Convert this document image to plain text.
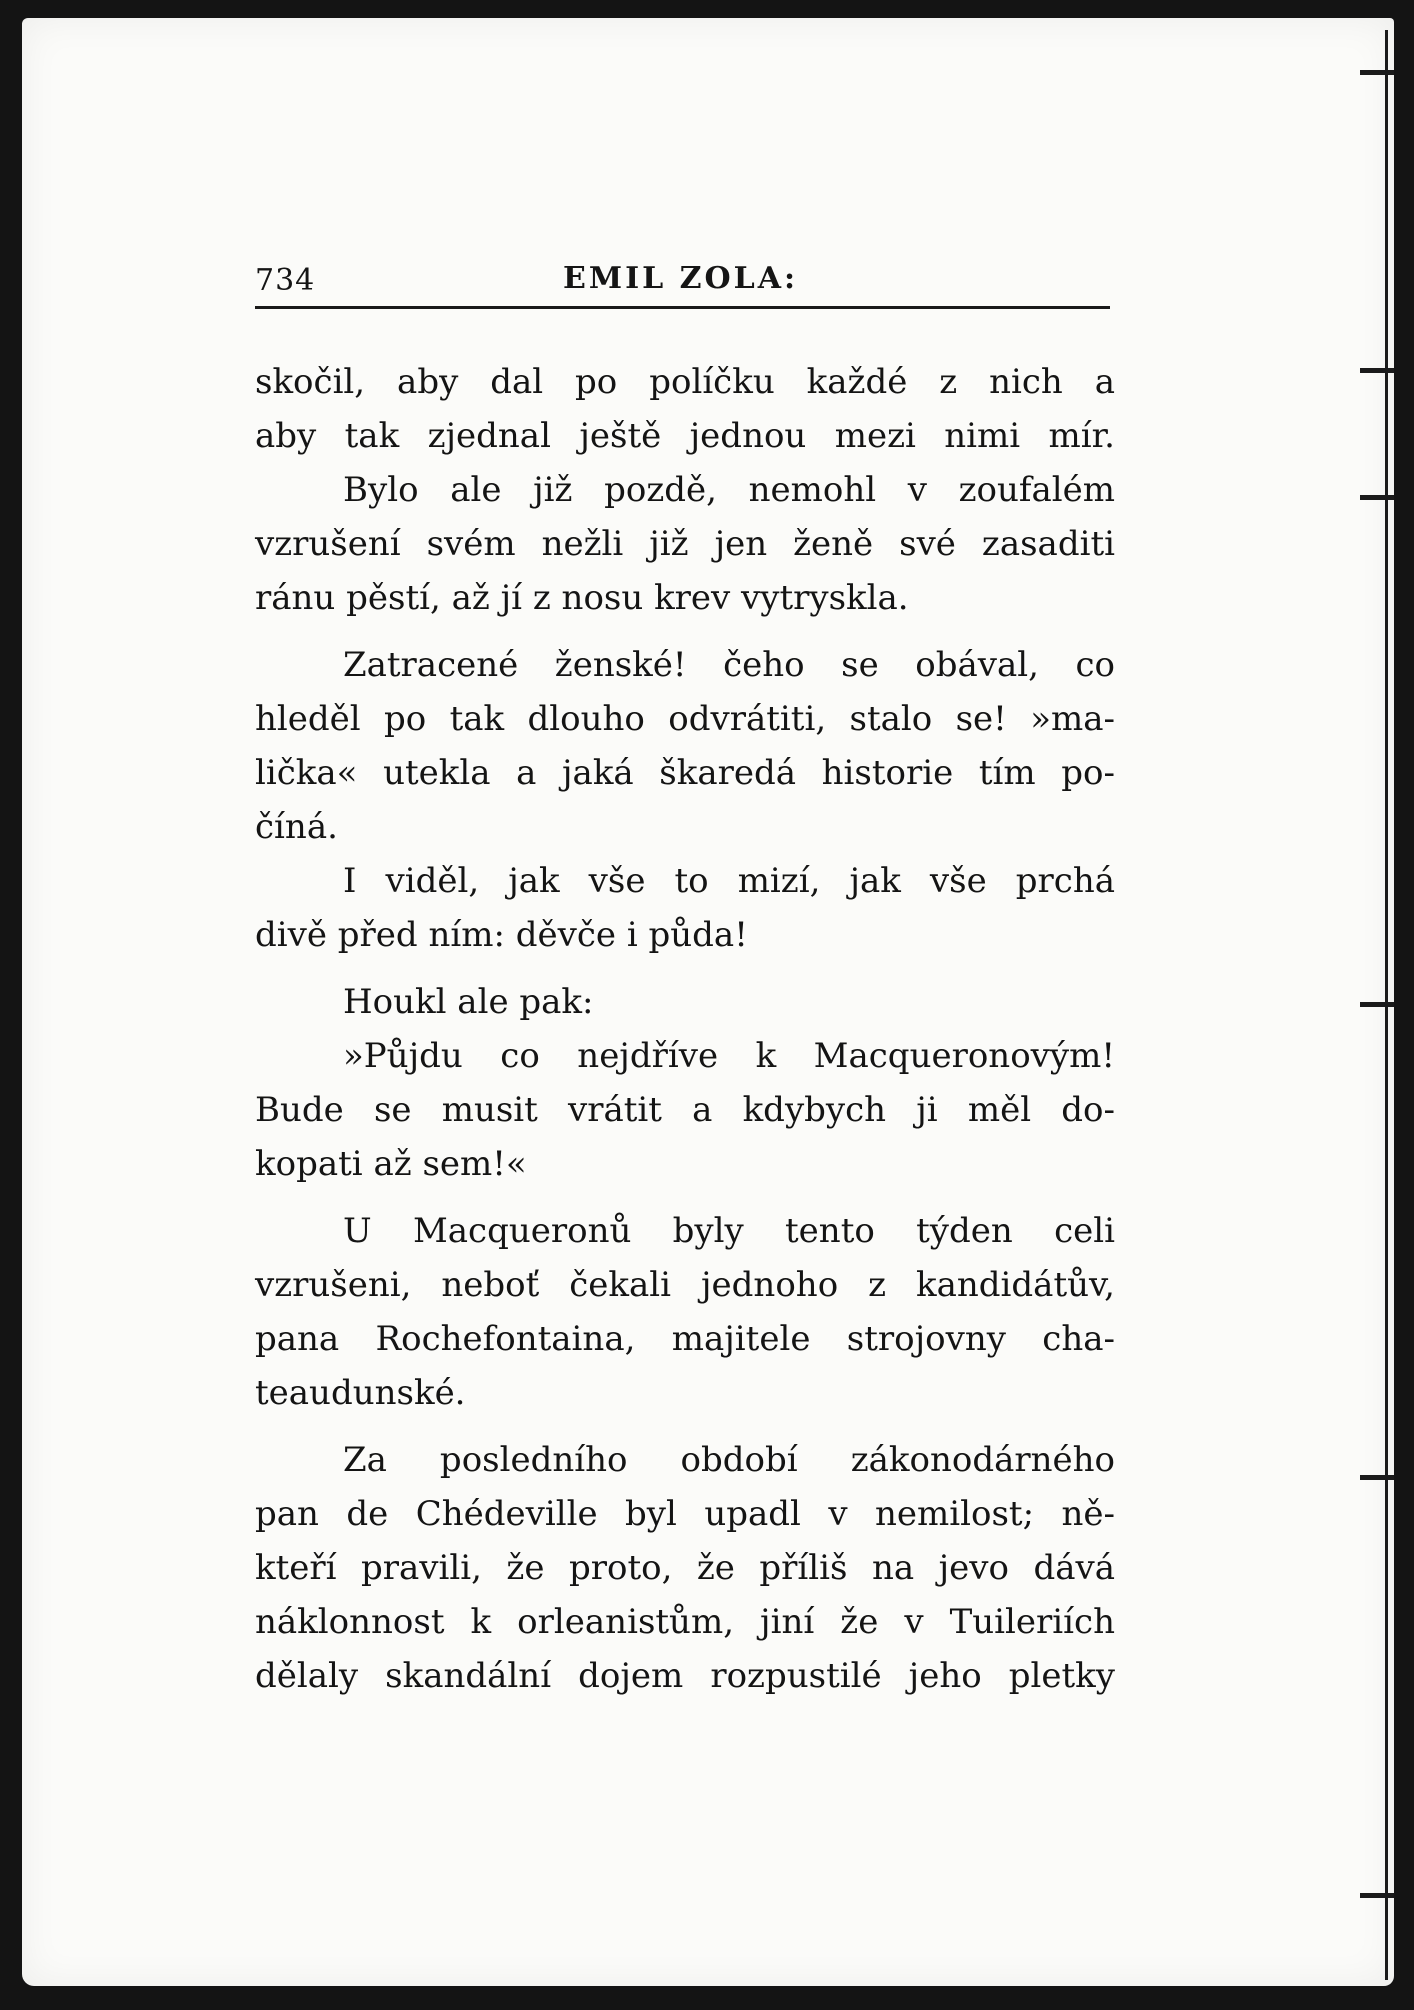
734	EMIL ZOLA:
skočil, aby dal po políčku každé z nich a
aby tak zjednal ještě jednou mezi nimi mír.
Bylo ale již pozdě, nemohl v zoufalém
vzrušení svém nežli již jen ženě své zasaditi
ránu pěstí, až jí z nosu krev vytryskla.
Zatracené ženské! čeho se obával, co
hleděl po tak dlouho odvrátiti, stalo se! »ma-
lička« utekla a jaká škaredá historie tím po-
číná.
I viděl, jak vše to mizí, jak vše prchá
divě před ním: děvče i půda!
Houkl ale pak:
»Půjdu co nejdříve k Macqueronovým!
Bude se musit vrátit a kdybych ji měl do-
kopati až sem!«
U Macqueronů byly tento týden celi
vzrušeni, neboť čekali jednoho z kandidátův,
pana Rochefontaina, majitele strojovny cha-
teaudunské.
Za posledního období zákonodárného
pan de Chédeville byl upadl v nemilost; ně-
kteří pravili, že proto, že příliš na jevo dává
náklonnost k orleanistům, jiní že v Tuileriích
dělaly skandální dojem rozpustilé jeho pletky
